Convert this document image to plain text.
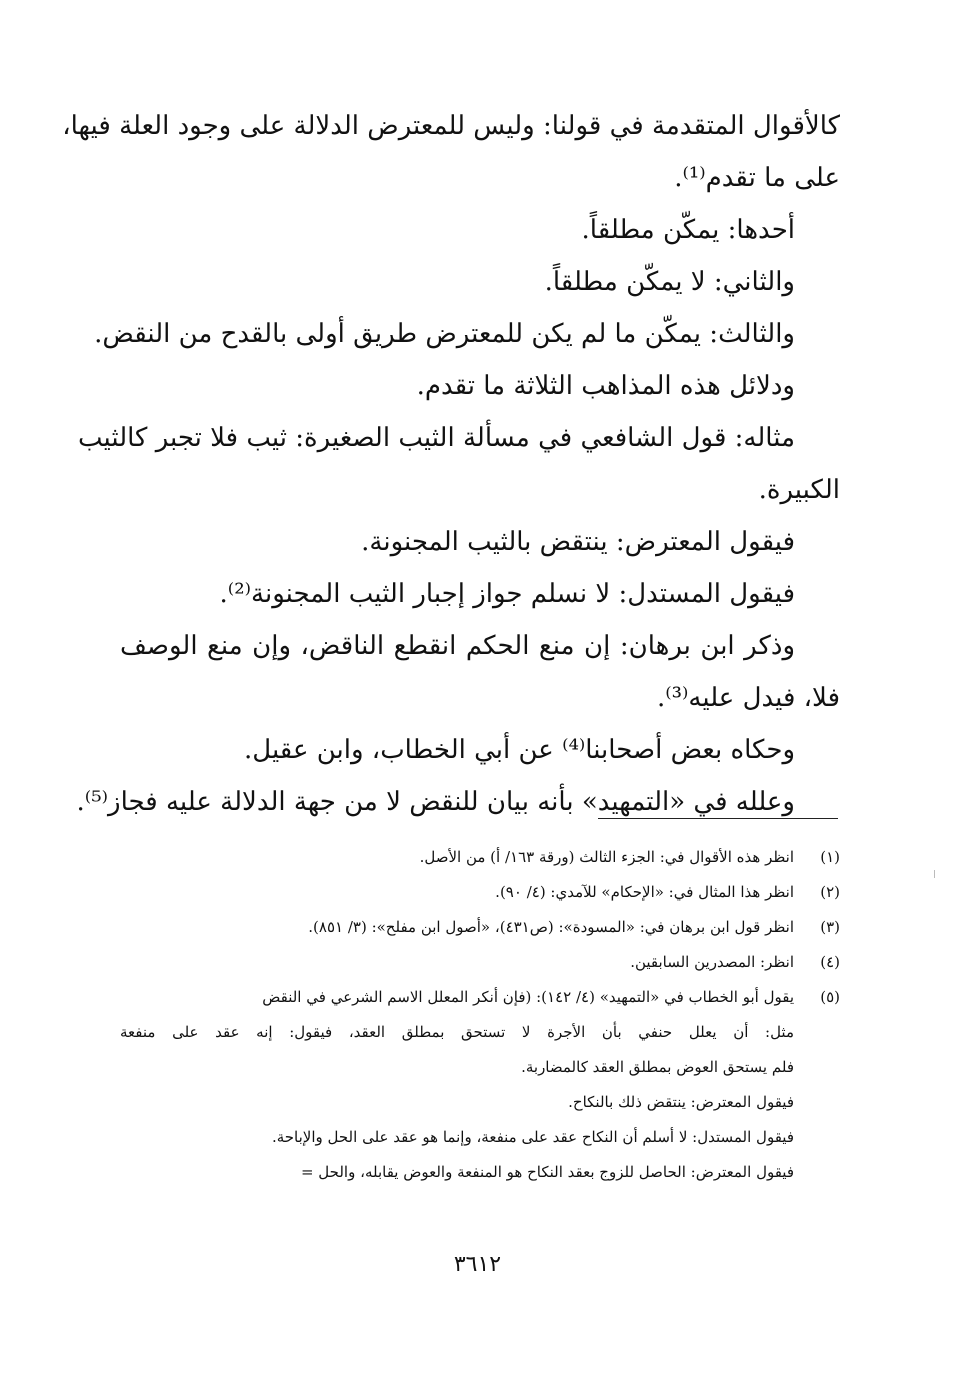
كالأقوال المتقدمة في قولنا: وليس للمعترض الدلالة على وجود العلة فيها،
على ما تقدم⁽¹⁾.
أحدها: يمكّن مطلقاً.
والثاني: لا يمكّن مطلقاً.
والثالث: يمكّن ما لم يكن للمعترض طريق أولى بالقدح من النقض.
ودلائل هذه المذاهب الثلاثة ما تقدم.
مثاله: قول الشافعي في مسألة الثيب الصغيرة: ثيب فلا تجبر كالثيب
الكبيرة.
فيقول المعترض: ينتقض بالثيب المجنونة.
فيقول المستدل: لا نسلم جواز إجبار الثيب المجنونة⁽²⁾.
وذكر ابن برهان: إن منع الحكم انقطع الناقض، وإن منع الوصف
فلا، فيدل عليه⁽³⁾.
وحكاه بعض أصحابنا⁽⁴⁾ عن أبي الخطاب، وابن عقيل.
وعلله في «التمهيد» بأنه بيان للنقض لا من جهة الدلالة عليه فجاز⁽⁵⁾.
(١)انظر هذه الأقوال في: الجزء الثالث (ورقة ١٦٣/ أ) من الأصل.
(٢)انظر هذا المثال في: «الإحكام» للآمدي: (٤/ ٩٠).
(٣)انظر قول ابن برهان في: «المسودة»: (ص٤٣١)، «أصول ابن مفلح»: (٣/ ٨٥١).
(٤)انظر: المصدرين السابقين.
(٥)يقول أبو الخطاب في «التمهيد» (٤/ ١٤٢): (فإن أنكر المعلل الاسم الشرعي في النقض
مثل: أن يعلل حنفي بأن الأجرة لا تستحق بمطلق العقد، فيقول: إنه عقد على منفعة
فلم يستحق العوض بمطلق العقد كالمضاربة.
فيقول المعترض: ينتقض ذلك بالنكاح.
فيقول المستدل: لا أسلم أن النكاح عقد على منفعة، وإنما هو عقد على الحل والإباحة.
فيقول المعترض: الحاصل للزوج بعقد النكاح هو المنفعة والعوض يقابله، والحل =
٣٦١٢
